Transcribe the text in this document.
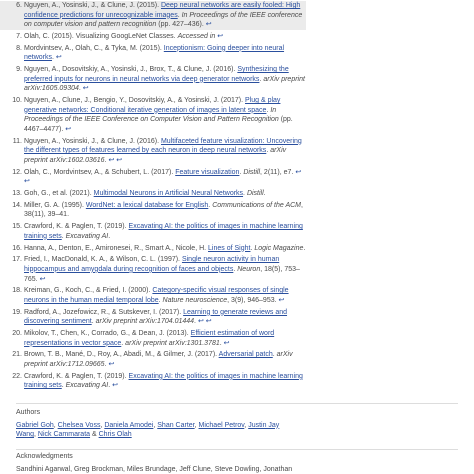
6. Nguyen, A., Yosinski, J., & Clune, J. (2015). Deep neural networks are easily fooled: High confidence predictions for unrecognizable images. In Proceedings of the IEEE conference on computer vision and pattern recognition (pp. 427–436). ↩
7. Olah, C. (2015). Visualizing GoogLeNet Classes. Accessed in ↩
8. Mordvintsev, A., Olah, C., & Tyka, M. (2015). Inceptionism: Going deeper into neural networks. ↩
9. Nguyen, A., Dosovitskiy, A., Yosinski, J., Brox, T., & Clune, J. (2016). Synthesizing the preferred inputs for neurons in neural networks via deep generator networks. arXiv preprint arXiv:1605.09304. ↩
10. Nguyen, A., Clune, J., Bengio, Y., Dosovitskiy, A., & Yosinski, J. (2017). Plug & play generative networks: Conditional iterative generation of images in latent space. In Proceedings of the IEEE Conference on Computer Vision and Pattern Recognition (pp. 4467–4477). ↩
11. Nguyen, A., Yosinski, J., & Clune, J. (2016). Multifaceted feature visualization: Uncovering the different types of features learned by each neuron in deep neural networks. arXiv preprint arXiv:1602.03616. ↩ ↩
12. Olah, C., Mordvintsev, A., & Schubert, L. (2017). Feature visualization. Distill, 2(11), e7. ↩ ↩
13. Goh, G., et al. (2021). Multimodal Neurons in Artificial Neural Networks. Distill.
14. Miller, G. A. (1995). WordNet: a lexical database for English. Communications of the ACM, 38(11), 39–41.
15. Crawford, K. & Paglen, T. (2019). Excavating AI: the politics of images in machine learning training sets. Excavating AI.
16. Hanna, A., Denton, E., Amironesei, R., Smart A., Nicole, H. Lines of Sight. Logic Magazine.
17. Fried, I., MacDonald, K. A., & Wilson, C. L. (1997). Single neuron activity in human hippocampus and amygdala during recognition of faces and objects. Neuron, 18(5), 753–765. ↩
18. Kreiman, G., Koch, C., & Fried, I. (2000). Category-specific visual responses of single neurons in the human medial temporal lobe. Nature neuroscience, 3(9), 946–953. ↩
19. Radford, A., Jozefowicz, R., & Sutskever, I. (2017). Learning to generate reviews and discovering sentiment. arXiv preprint arXiv:1704.01444. ↩ ↩
20. Mikolov, T., Chen, K., Corrado, G., & Dean, J. (2013). Efficient estimation of word representations in vector space. arXiv preprint arXiv:1301.3781. ↩
21. Brown, T. B., Mané, D., Roy, A., Abadi, M., & Gilmer, J. (2017). Adversarial patch. arXiv preprint arXiv:1712.09665. ↩
22. Crawford, K. & Paglen, T. (2019). Excavating AI: the politics of images in machine learning training sets. Excavating AI. ↩
Authors
Gabriel Goh, Chelsea Voss, Daniela Amodei, Shan Carter, Michael Petrov, Justin Jay Wang, Nick Cammarata & Chris Olah
Acknowledgments
Sandhini Agarwal, Greg Brockman, Miles Brundage, Jeff Clune, Steve Dowling, Jonathan
